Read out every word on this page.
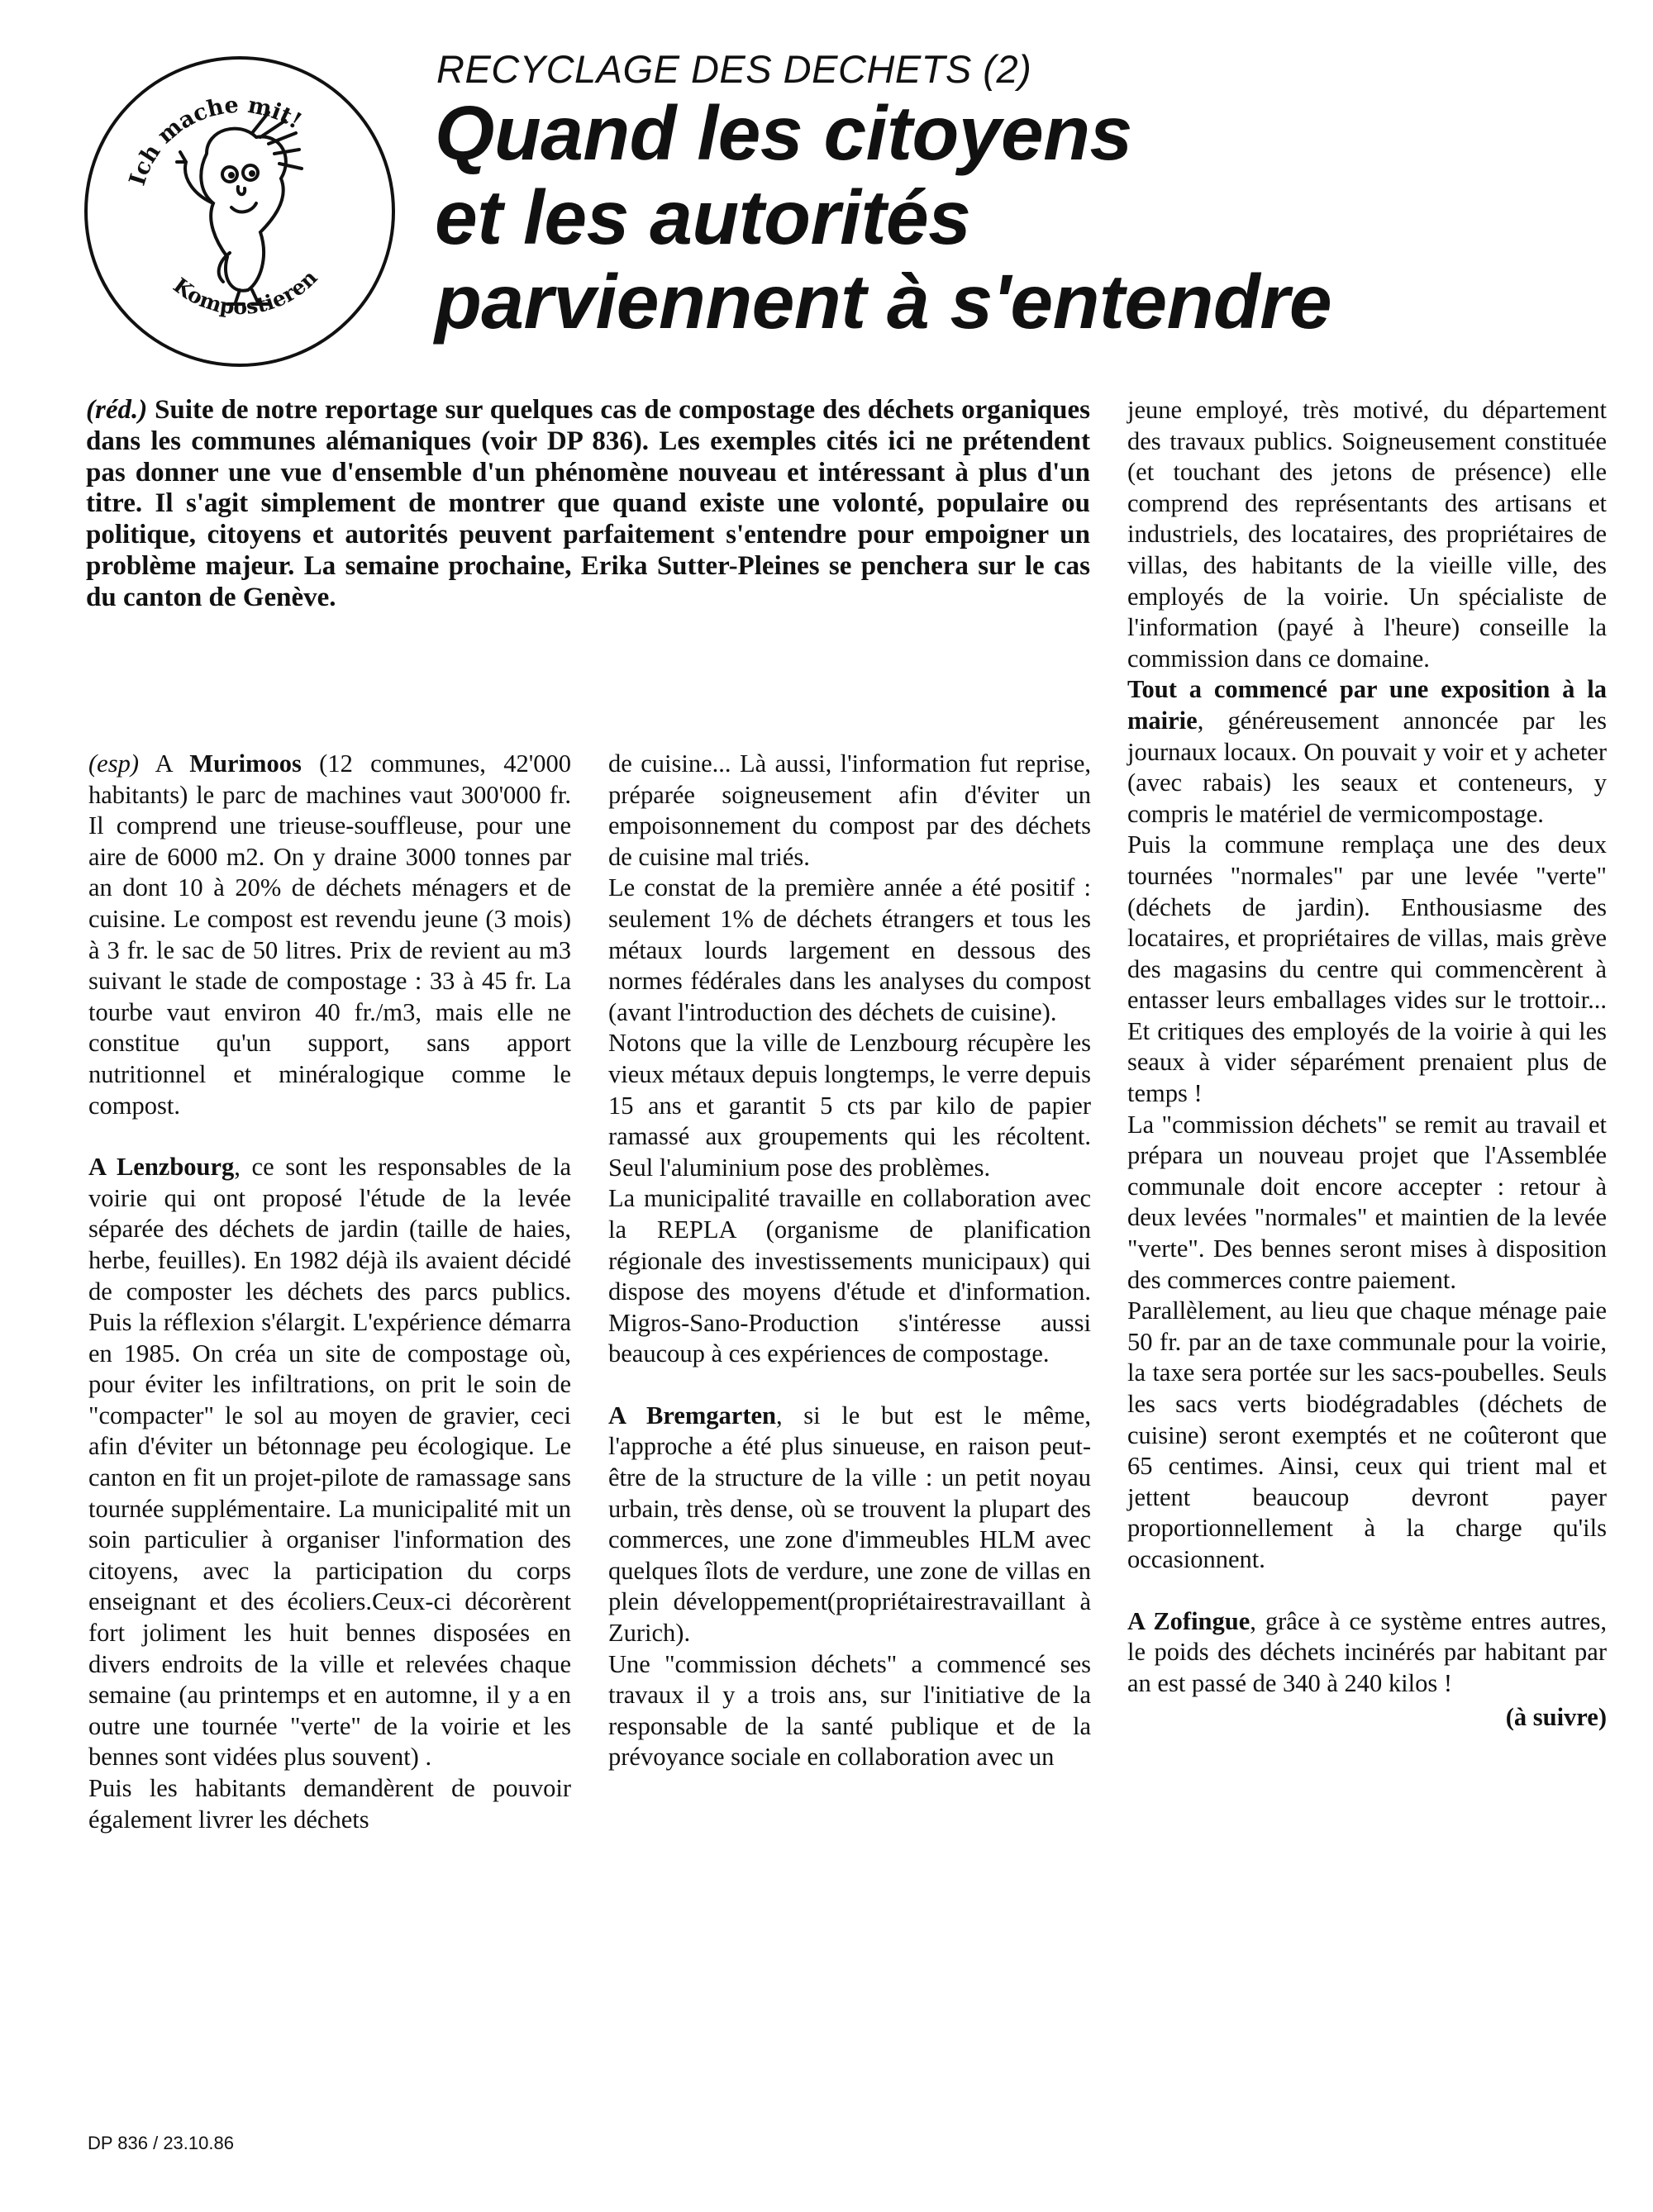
Ich mache mit!
Kompostieren
RECYCLAGE DES DECHETS (2)
Quand les citoyens
et les autorités
parviennent à s'entendre

(réd.) Suite de notre reportage sur quelques cas de compostage des déchets organiques dans les communes alémaniques (voir DP 836). Les exemples cités ici ne prétendent pas donner une vue d'ensemble d'un phénomène nouveau et intéressant à plus d'un titre. Il s'agit simplement de montrer que quand existe une volonté, populaire ou politique, citoyens et autorités peuvent parfaitement s'entendre pour empoigner un problème majeur. La semaine prochaine, Erika Sutter-Pleines se penchera sur le cas du canton de Genève.

(esp) A Murimoos (12 communes, 42'000 habitants) le parc de machines vaut 300'000 fr. Il comprend une trieuse-souffleuse, pour une aire de 6000 m2. On y draine 3000 tonnes par an dont 10 à 20% de déchets ménagers et de cuisine. Le compost est revendu jeune (3 mois) à 3 fr. le sac de 50 litres. Prix de revient au m3 suivant le stade de compostage : 33 à 45 fr. La tourbe vaut environ 40 fr./m3, mais elle ne constitue qu'un support, sans apport nutritionnel et minéralogique comme le compost.

A Lenzbourg, ce sont les responsables de la voirie qui ont proposé l'étude de la levée séparée des déchets de jardin (taille de haies, herbe, feuilles). En 1982 déjà ils avaient décidé de composter les déchets des parcs publics. Puis la réflexion s'élargit. L'expérience démarra en 1985. On créa un site de compostage où, pour éviter les infiltrations, on prit le soin de "compacter" le sol au moyen de gravier, ceci afin d'éviter un bétonnage peu écologique. Le canton en fit un projet-pilote de ramassage sans tournée supplémentaire. La municipalité mit un soin particulier à organiser l'information des citoyens, avec la participation du corps enseignant et des écoliers.Ceux-ci décorèrent fort joliment les huit bennes disposées en divers endroits de la ville et relevées chaque semaine (au printemps et en automne, il y a en outre une tournée "verte" de la voirie et les bennes sont vidées plus souvent) .

Puis les habitants demandèrent de pouvoir également livrer les déchets

de cuisine... Là aussi, l'information fut reprise, préparée soigneusement afin d'éviter un empoisonnement du compost par des déchets de cuisine mal triés.

Le constat de la première année a été positif : seulement 1% de déchets étrangers et tous les métaux lourds largement en dessous des normes fédérales dans les analyses du compost (avant l'introduction des déchets de cuisine).

Notons que la ville de Lenzbourg récupère les vieux métaux depuis longtemps, le verre depuis 15 ans et garantit 5 cts par kilo de papier ramassé aux groupements qui les récoltent. Seul l'aluminium pose des problèmes.

La municipalité travaille en collaboration avec la REPLA (organisme de planification régionale des investissements municipaux) qui dispose des moyens d'étude et d'information. Migros-Sano-Production s'intéresse aussi beaucoup à ces expériences de compostage.

A Bremgarten, si le but est le même, l'approche a été plus sinueuse, en raison peut-être de la structure de la ville : un petit noyau urbain, très dense, où se trouvent la plupart des commerces, une zone d'immeubles HLM avec quelques îlots de verdure, une zone de villas en plein développement(propriétairestravaillant à Zurich).

Une "commission déchets" a commencé ses travaux il y a trois ans, sur l'initiative de la responsable de la santé publique et de la prévoyance sociale en collaboration avec un

jeune employé, très motivé, du département des travaux publics. Soigneusement constituée (et touchant des jetons de présence) elle comprend des représentants des artisans et industriels, des locataires, des propriétaires de villas, des habitants de la vieille ville, des employés de la voirie. Un spécialiste de l'information (payé à l'heure) conseille la commission dans ce domaine.

Tout a commencé par une exposition à la mairie, généreusement annoncée par les journaux locaux. On pouvait y voir et y acheter (avec rabais) les seaux et conteneurs, y compris le matériel de vermicompostage.

Puis la commune remplaça une des deux tournées "normales" par une levée "verte" (déchets de jardin). Enthousiasme des locataires, et propriétaires de villas, mais grève des magasins du centre qui commencèrent à entasser leurs emballages vides sur le trottoir... Et critiques des employés de la voirie à qui les seaux à vider séparément prenaient plus de temps !

La "commission déchets" se remit au travail et prépara un nouveau projet que l'Assemblée communale doit encore accepter : retour à deux levées "normales" et maintien de la levée "verte". Des bennes seront mises à disposition des commerces contre paiement.

Parallèlement, au lieu que chaque ménage paie 50 fr. par an de taxe communale pour la voirie, la taxe sera portée sur les sacs-poubelles. Seuls les sacs verts biodégradables (déchets de cuisine) seront exemptés et ne coûteront que 65 centimes. Ainsi, ceux qui trient mal et jettent beaucoup devront payer proportionnellement à la charge qu'ils occasionnent.

A Zofingue, grâce à ce système entres autres, le poids des déchets incinérés par habitant par an est passé de 340 à 240 kilos !

(à suivre)

DP 836 / 23.10.86
